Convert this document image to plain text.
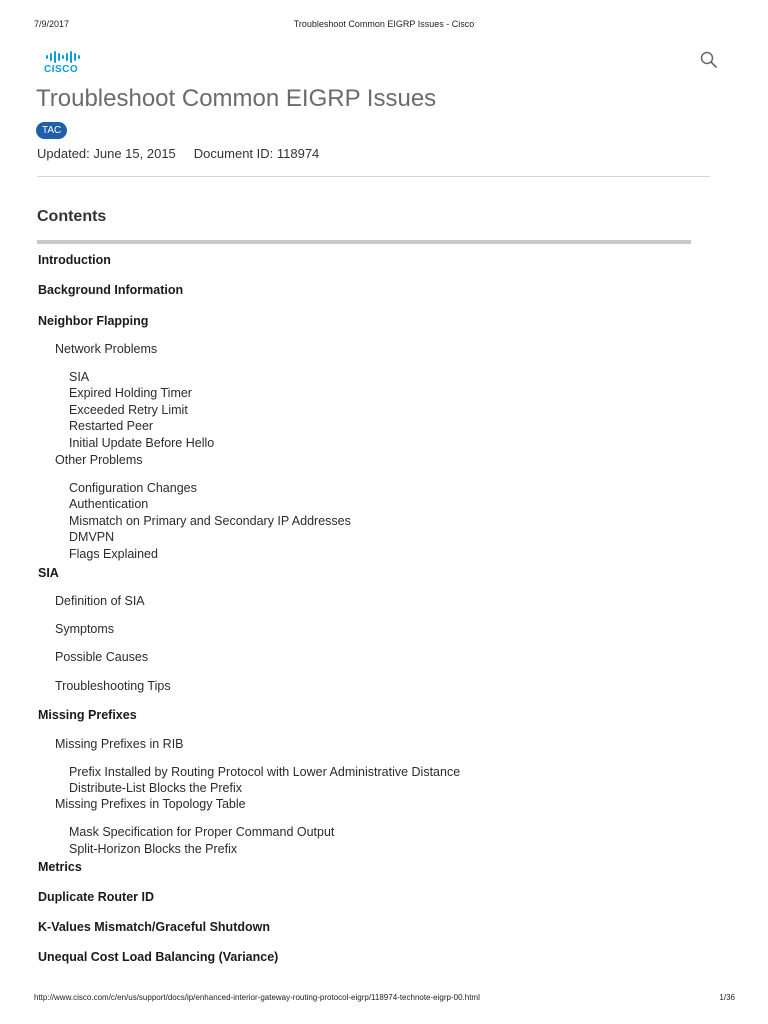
7/9/2017	Troubleshoot Common EIGRP Issues - Cisco
CISCO
Troubleshoot Common EIGRP Issues
TAC
Updated: June 15, 2015 Document ID: 118974
Contents
Introduction
Background Information
Neighbor Flapping
Network Problems
SIA
Expired Holding Timer
Exceeded Retry Limit
Restarted Peer
Initial Update Before Hello
Other Problems
Configuration Changes
Authentication
Mismatch on Primary and Secondary IP Addresses
DMVPN
Flags Explained
SIA
Definition of SIA
Symptoms
Possible Causes
Troubleshooting Tips
Missing Prefixes
Missing Prefixes in RIB
Prefix Installed by Routing Protocol with Lower Administrative Distance
Distribute-List Blocks the Prefix
Missing Prefixes in Topology Table
Mask Specification for Proper Command Output
Split-Horizon Blocks the Prefix
Metrics
Duplicate Router ID
K-Values Mismatch/Graceful Shutdown
Unequal Cost Load Balancing (Variance)
http://www.cisco.com/c/en/us/support/docs/ip/enhanced-interior-gateway-routing-protocol-eigrp/118974-technote-eigrp-00.html	1/36
